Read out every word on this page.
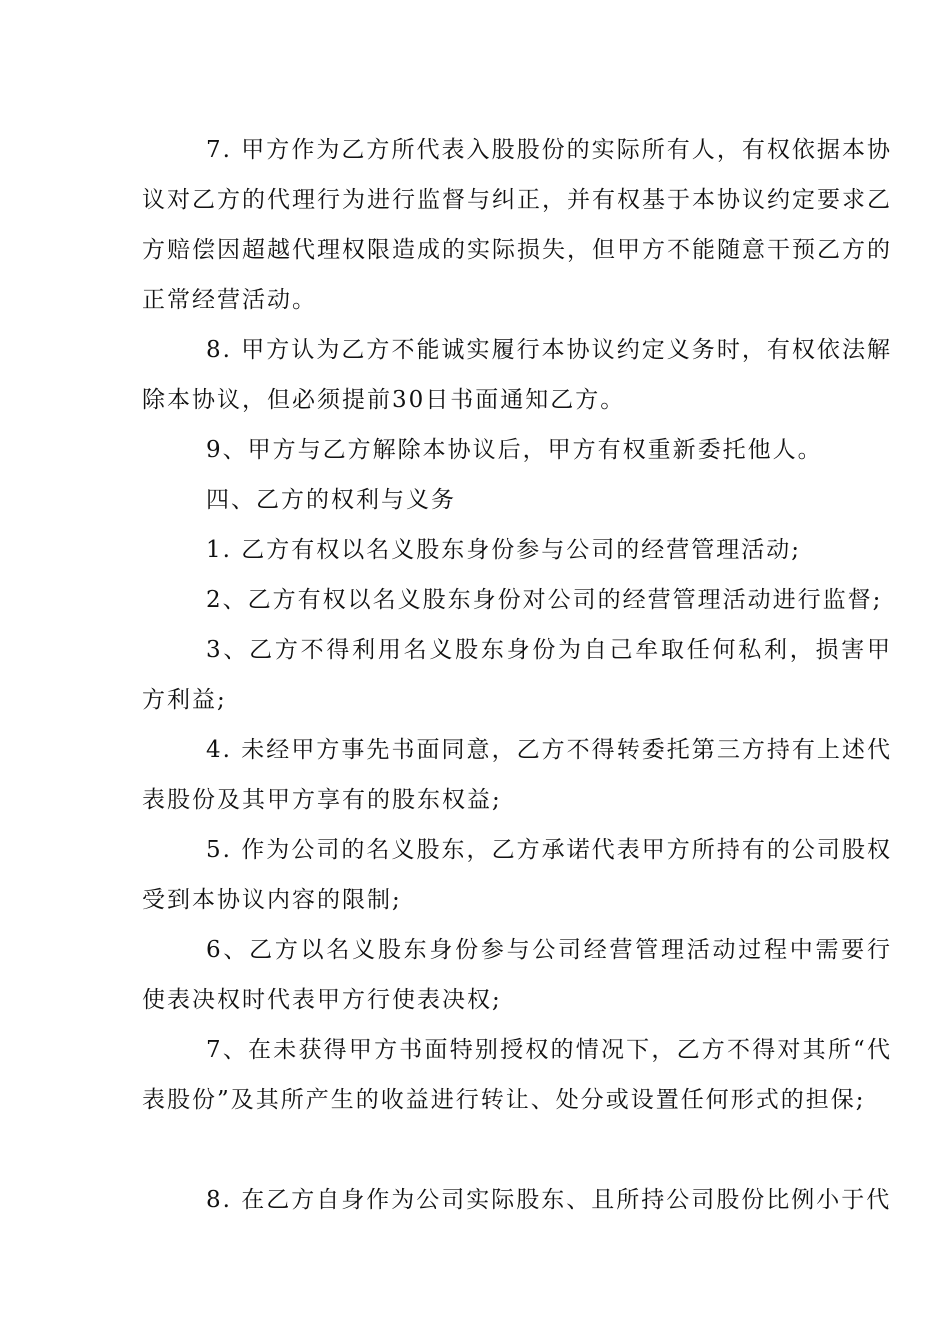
7. 甲方作为乙方所代表入股股份的实际所有人，有权依据本协议对乙方的代理行为进行监督与纠正，并有权基于本协议约定要求乙方赔偿因超越代理权限造成的实际损失，但甲方不能随意干预乙方的正常经营活动。

8. 甲方认为乙方不能诚实履行本协议约定义务时，有权依法解除本协议，但必须提前30日书面通知乙方。

9、甲方与乙方解除本协议后，甲方有权重新委托他人。

四、乙方的权利与义务

1. 乙方有权以名义股东身份参与公司的经营管理活动;

2、乙方有权以名义股东身份对公司的经营管理活动进行监督;

3、乙方不得利用名义股东身份为自己牟取任何私利，损害甲方利益;

4. 未经甲方事先书面同意，乙方不得转委托第三方持有上述代表股份及其甲方享有的股东权益;

5. 作为公司的名义股东，乙方承诺代表甲方所持有的公司股权受到本协议内容的限制;

6、乙方以名义股东身份参与公司经营管理活动过程中需要行使表决权时代表甲方行使表决权;

7、在未获得甲方书面特别授权的情况下，乙方不得对其所“代表股份”及其所产生的收益进行转让、处分或设置任何形式的担保;

8. 在乙方自身作为公司实际股东、且所持公司股份比例小于代
